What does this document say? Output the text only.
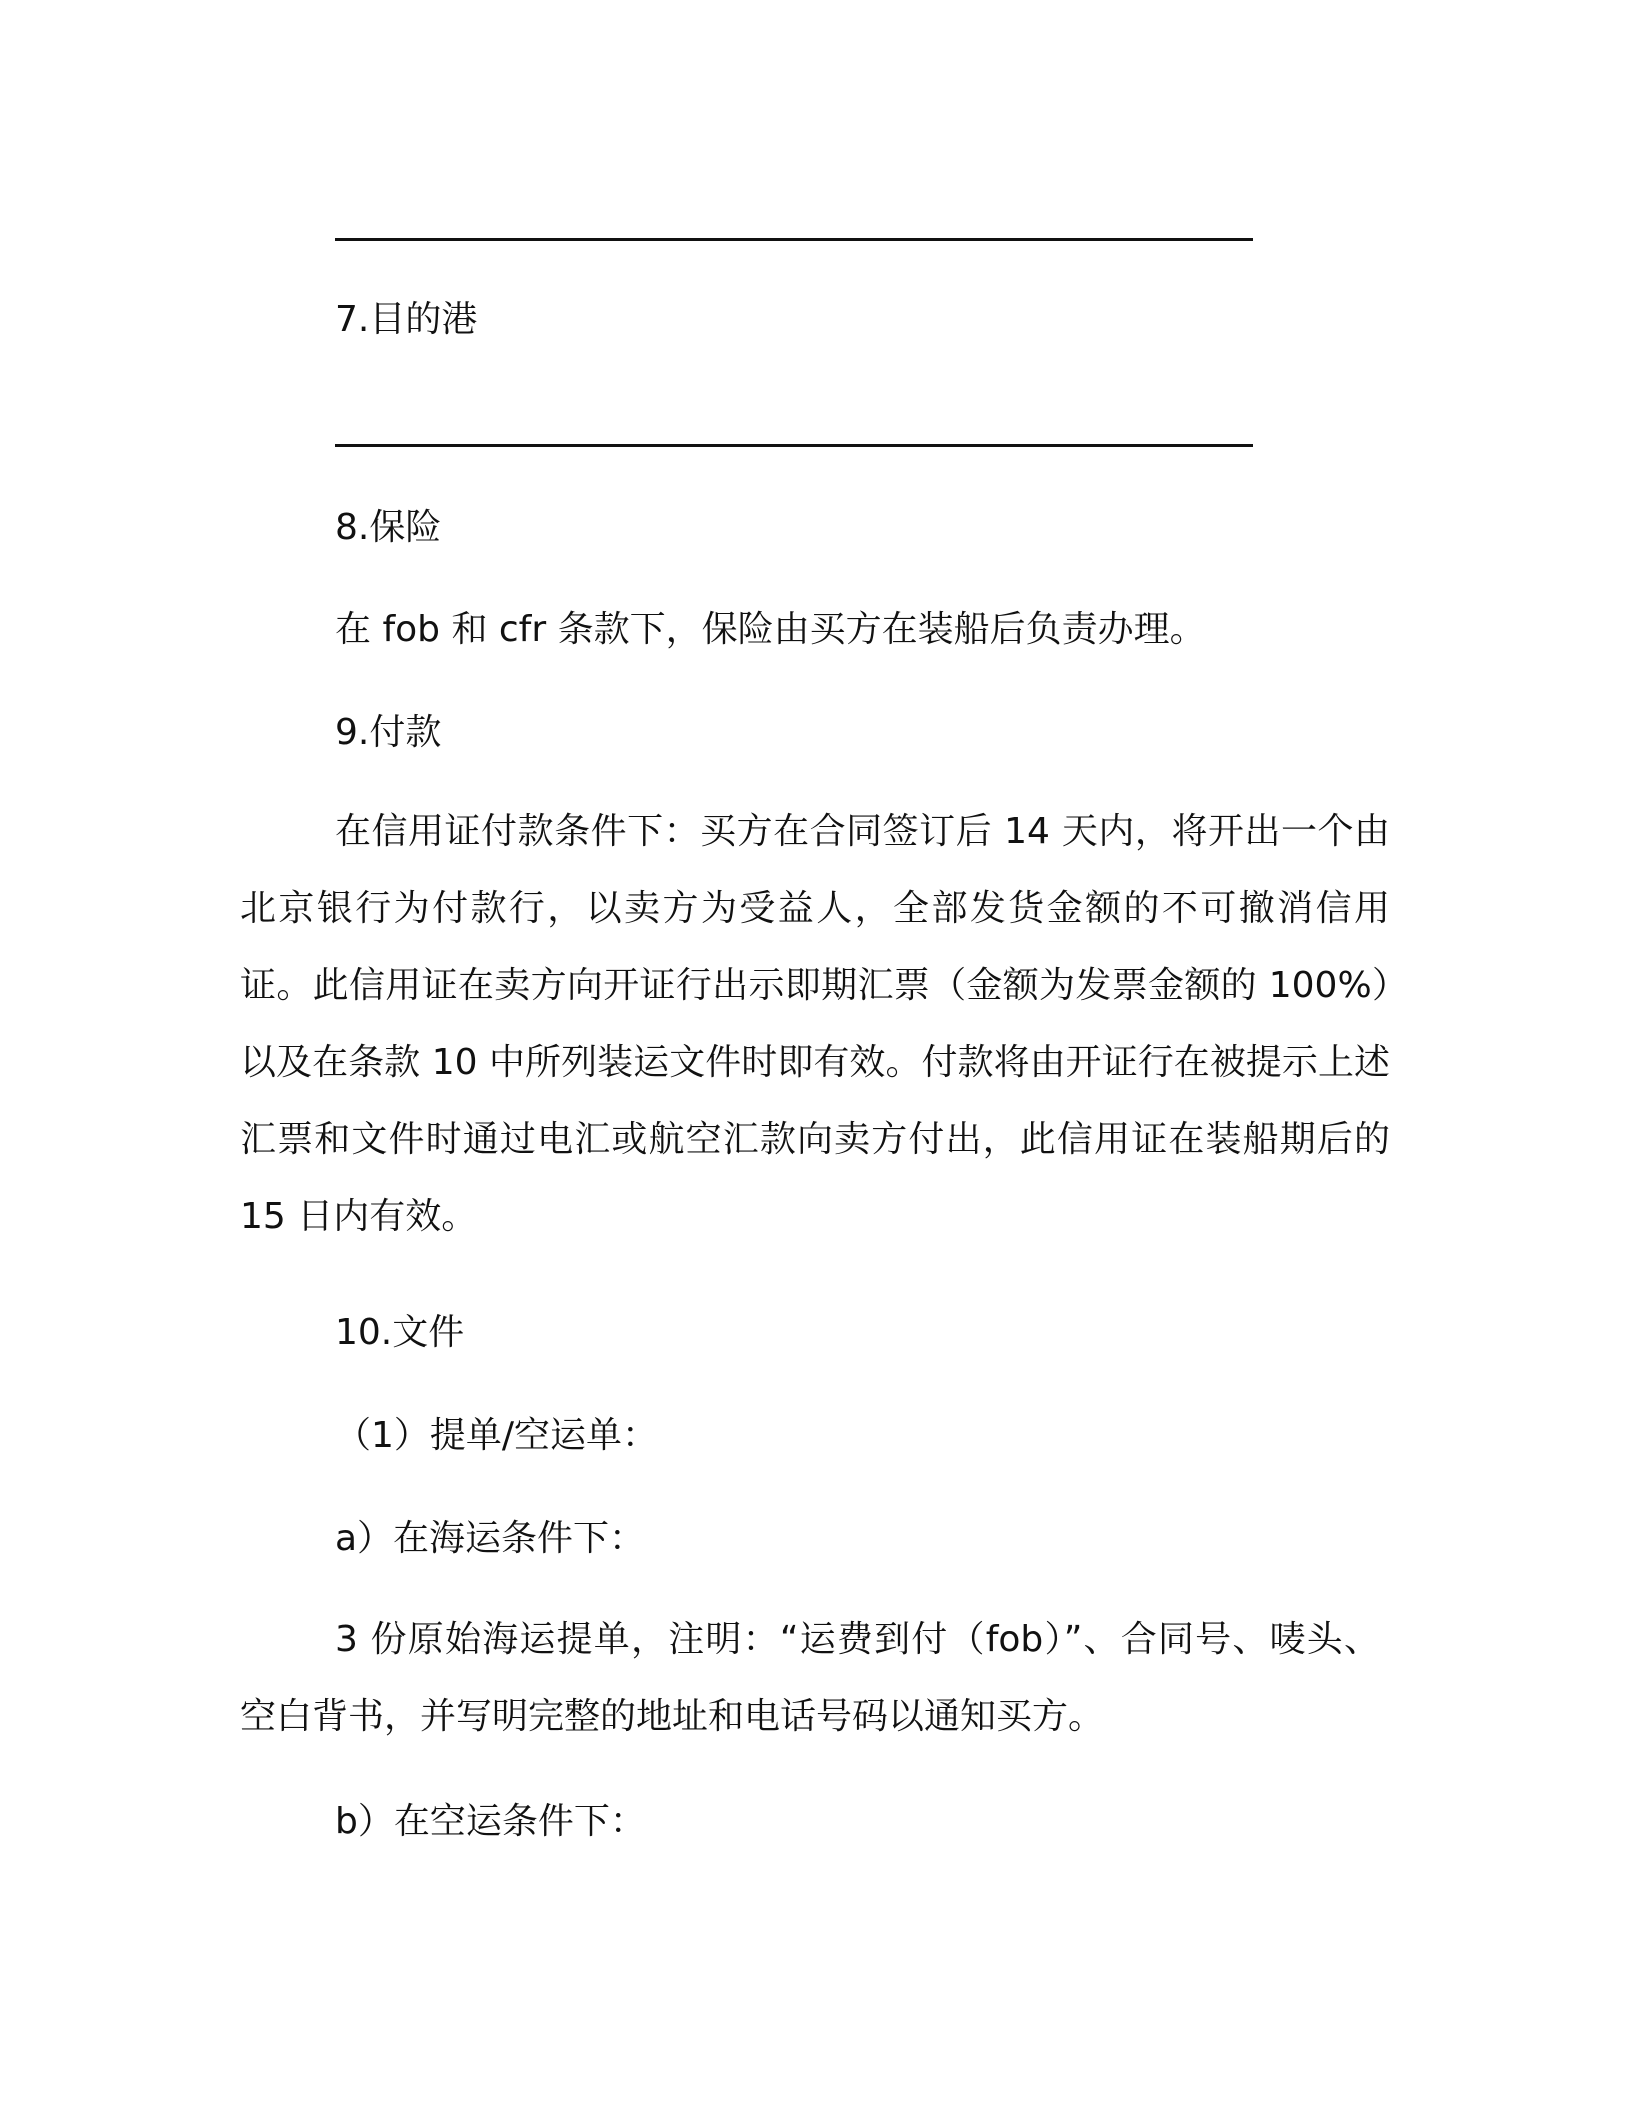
7.目的港
8.保险
在 fob 和 cfr 条款下，保险由买方在装船后负责办理。
9.付款
在信用证付款条件下：买方在合同签订后 14 天内，将开出一个由北京银行为付款行，以卖方为受益人，全部发货金额的不可撤消信用证。此信用证在卖方向开证行出示即期汇票（金额为发票金额的 100%）以及在条款 10 中所列装运文件时即有效。付款将由开证行在被提示上述汇票和文件时通过电汇或航空汇款向卖方付出，此信用证在装船期后的 15 日内有效。
10.文件
（1）提单/空运单：
a）在海运条件下：
3 份原始海运提单，注明：“运费到付（fob）”、合同号、唛头、空白背书，并写明完整的地址和电话号码以通知买方。
b）在空运条件下：
